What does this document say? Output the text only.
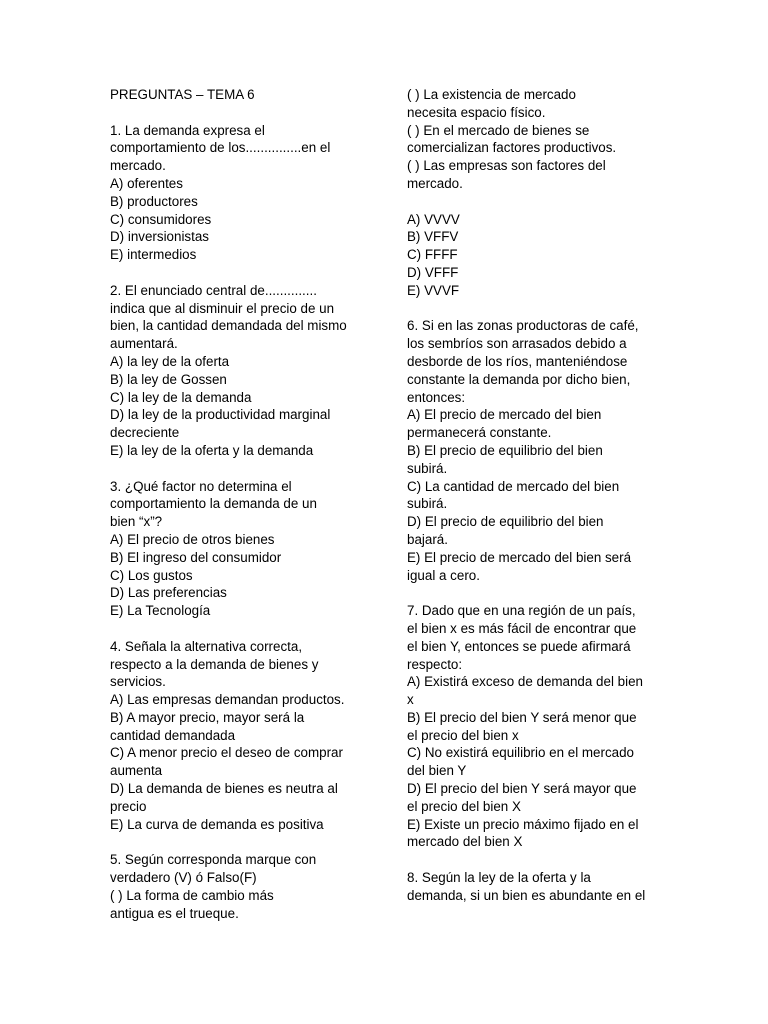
PREGUNTAS – TEMA 6
1. La demanda expresa el
comportamiento de los...............en el
mercado.
A) oferentes
B) productores
C) consumidores
D) inversionistas
E) intermedios
2. El enunciado central de..............
indica que al disminuir el precio de un
bien, la cantidad demandada del mismo
aumentará.
A) la ley de la oferta
B) la ley de Gossen
C) la ley de la demanda
D) la ley de la productividad marginal
decreciente
E) la ley de la oferta y la demanda
3. ¿Qué factor no determina el
comportamiento la demanda de un
bien “x”?
A) El precio de otros bienes
B) El ingreso del consumidor
C) Los gustos
D) Las preferencias
E) La Tecnología
4. Señala la alternativa correcta,
respecto a la demanda de bienes y
servicios.
A) Las empresas demandan productos.
B) A mayor precio, mayor será la
cantidad demandada
C) A menor precio el deseo de comprar
aumenta
D) La demanda de bienes es neutra al
precio
E) La curva de demanda es positiva
5. Según corresponda marque con
verdadero (V) ó Falso(F)
( ) La forma de cambio más
antigua es el trueque.
( ) La existencia de mercado
necesita espacio físico.
( ) En el mercado de bienes se
comercializan factores productivos.
( ) Las empresas son factores del
mercado.
A) VVVV
B) VFFV
C) FFFF
D) VFFF
E) VVVF
6. Si en las zonas productoras de café,
los sembríos son arrasados debido a
desborde de los ríos, manteniéndose
constante la demanda por dicho bien,
entonces:
A) El precio de mercado del bien
permanecerá constante.
B) El precio de equilibrio del bien
subirá.
C) La cantidad de mercado del bien
subirá.
D) El precio de equilibrio del bien
bajará.
E) El precio de mercado del bien será
igual a cero.
7. Dado que en una región de un país,
el bien x es más fácil de encontrar que
el bien Y, entonces se puede afirmará
respecto:
A) Existirá exceso de demanda del bien
x
B) El precio del bien Y será menor que
el precio del bien x
C) No existirá equilibrio en el mercado
del bien Y
D) El precio del bien Y será mayor que
el precio del bien X
E) Existe un precio máximo fijado en el
mercado del bien X
8. Según la ley de la oferta y la
demanda, si un bien es abundante en el
